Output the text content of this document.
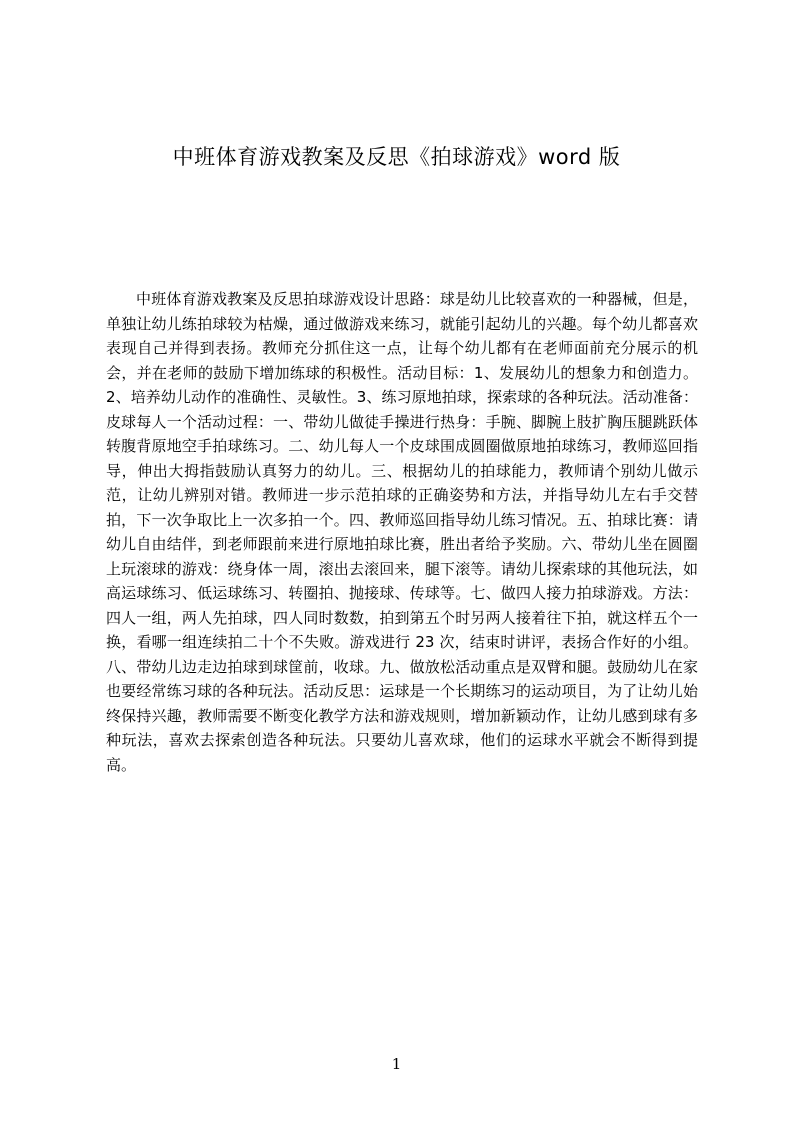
中班体育游戏教案及反思《拍球游戏》word 版

中班体育游戏教案及反思拍球游戏设计思路：球是幼儿比较喜欢的一种器械，但是，单独让幼儿练拍球较为枯燥，通过做游戏来练习，就能引起幼儿的兴趣。每个幼儿都喜欢表现自己并得到表扬。教师充分抓住这一点，让每个幼儿都有在老师面前充分展示的机会，并在老师的鼓励下增加练球的积极性。活动目标：1、发展幼儿的想象力和创造力。2、培养幼儿动作的准确性、灵敏性。3、练习原地拍球，探索球的各种玩法。活动准备：皮球每人一个活动过程：一、带幼儿做徒手操进行热身：手腕、脚腕上肢扩胸压腿跳跃体转腹背原地空手拍球练习。二、幼儿每人一个皮球围成圆圈做原地拍球练习，教师巡回指导，伸出大拇指鼓励认真努力的幼儿。三、根据幼儿的拍球能力，教师请个别幼儿做示范，让幼儿辨别对错。教师进一步示范拍球的正确姿势和方法，并指导幼儿左右手交替拍，下一次争取比上一次多拍一个。四、教师巡回指导幼儿练习情况。五、拍球比赛：请幼儿自由结伴，到老师跟前来进行原地拍球比赛，胜出者给予奖励。六、带幼儿坐在圆圈上玩滚球的游戏：绕身体一周，滚出去滚回来，腿下滚等。请幼儿探索球的其他玩法，如高运球练习、低运球练习、转圈拍、抛接球、传球等。七、做四人接力拍球游戏。方法：四人一组，两人先拍球，四人同时数数，拍到第五个时另两人接着往下拍，就这样五个一换，看哪一组连续拍二十个不失败。游戏进行 23 次，结束时讲评，表扬合作好的小组。八、带幼儿边走边拍球到球筐前，收球。九、做放松活动重点是双臂和腿。鼓励幼儿在家也要经常练习球的各种玩法。活动反思：运球是一个长期练习的运动项目，为了让幼儿始终保持兴趣，教师需要不断变化教学方法和游戏规则，增加新颖动作，让幼儿感到球有多种玩法，喜欢去探索创造各种玩法。只要幼儿喜欢球，他们的运球水平就会不断得到提高。

1
